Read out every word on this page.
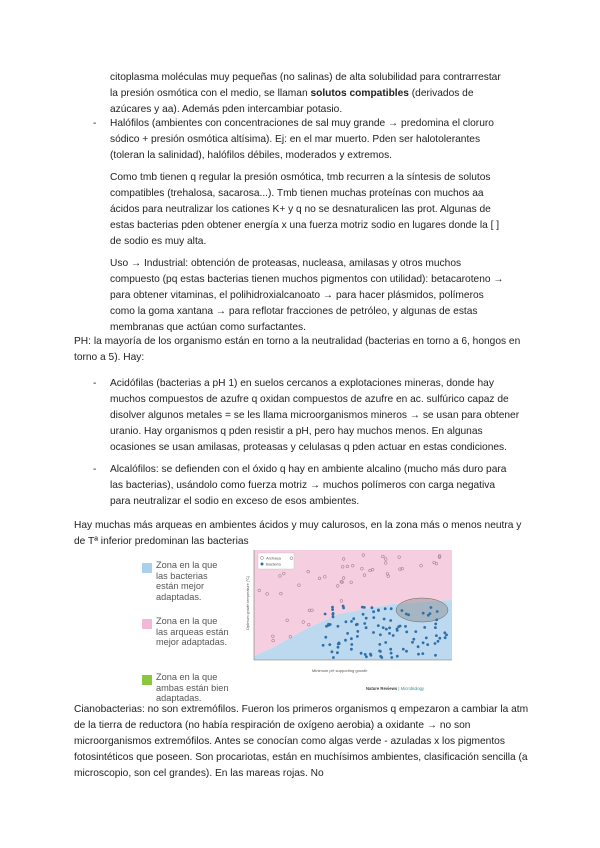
citoplasma moléculas muy pequeñas (no salinas) de alta solubilidad para contrarrestar la presión osmótica con el medio, se llaman solutos compatibles (derivados de azúcares y aa). Además pden intercambiar potasio.

- Halófilos (ambientes con concentraciones de sal muy grande → predomina el cloruro sódico + presión osmótica altísima). Ej: en el mar muerto. Pden ser halotolerantes (toleran la salinidad), halófilos débiles, moderados y extremos.

Como tmb tienen q regular la presión osmótica, tmb recurren a la síntesis de solutos compatibles (trehalosa, sacarosa...). Tmb tienen muchas proteínas con muchos aa ácidos para neutralizar los cationes K+ y q no se desnaturalicen las prot. Algunas de estas bacterias pden obtener energía x una fuerza motriz sodio en lugares donde la [ ] de sodio es muy alta.

Uso → Industrial: obtención de proteasas, nucleasa, amilasas y otros muchos compuesto (pq estas bacterias tienen muchos pigmentos con utilidad): betacaroteno → para obtener vitaminas, el polihidroxialcanoato → para hacer plásmidos, polímeros como la goma xantana → para reflotar fracciones de petróleo, y algunas de estas membranas que actúan como surfactantes.

PH: la mayoría de los organismo están en torno a la neutralidad (bacterias en torno a 6, hongos en torno a 5). Hay:

- Acidófilas (bacterias a pH 1) en suelos cercanos a explotaciones mineras, donde hay muchos compuestos de azufre q oxidan compuestos de azufre en ac. sulfúrico capaz de disolver algunos metales = se les llama microorganismos mineros → se usan para obtener uranio. Hay organismos q pden resistir a pH, pero hay muchos menos. En algunas ocasiones se usan amilasas, proteasas y celulasas q pden actuar en estas condiciones.

- Alcalófilos: se defienden con el óxido q hay en ambiente alcalino (mucho más duro para las bacterias), usándolo como fuerza motriz → muchos polímeros con carga negativa para neutralizar el sodio en exceso de esos ambientes.

Hay muchas más arqueas en ambientes ácidos y muy calurosos, en la zona más o menos neutra y de Tª inferior predominan las bacterias

Zona en la que las bacterias están mejor adaptadas.
Zona en la que las arqueas están mejor adaptadas.
Zona en la que ambas están bien adaptadas.
Optimum growth temperature (°C)
Minimum pH supporting growth
Archaea
Bacteria
Nature Reviews | Microbiology

Cianobacterias: no son extremófilos. Fueron los primeros organismos q empezaron a cambiar la atm de la tierra de reductora (no había respiración de oxígeno aerobia) a oxidante → no son microorganismos extremófilos. Antes se conocían como algas verde - azuladas x los pigmentos fotosintéticos que poseen. Son procariotas, están en muchísimos ambientes, clasificación sencilla (a microscopio, son cel grandes). En las mareas rojas. No
